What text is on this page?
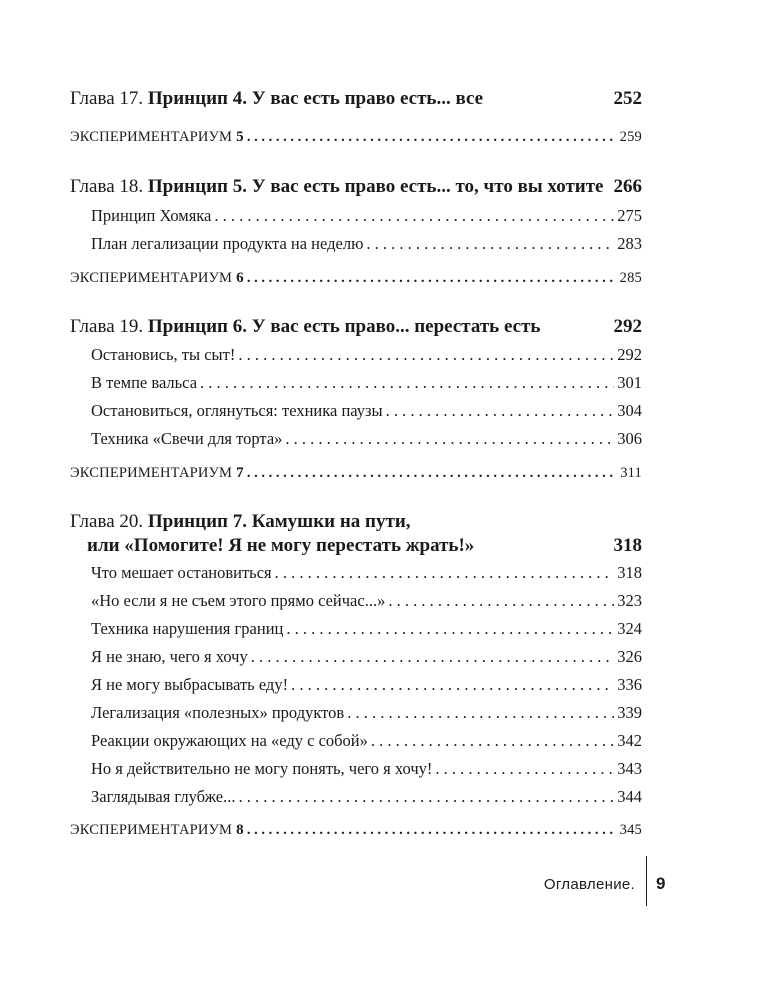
Глава 17. Принцип 4. У вас есть право есть... все	252
ЭКСПЕРИМЕНТАРИУМ 5 . . .	259
Глава 18. Принцип 5. У вас есть право есть... то, что вы хотите 266
Принцип Хомяка . . .	275
План легализации продукта на неделю . . .	283
ЭКСПЕРИМЕНТАРИУМ 6 . . .	285
Глава 19. Принцип 6. У вас есть право... перестать есть	292
Остановись, ты сыт! . . .	292
В темпе вальса . . .	301
Остановиться, оглянуться: техника паузы . . .	304
Техника «Свечи для торта» . . .	306
ЭКСПЕРИМЕНТАРИУМ 7 . . .	311
Глава 20. Принцип 7. Камушки на пути,
или «Помогите! Я не могу перестать жрать!»	318
Что мешает остановиться . . .	318
«Но если я не съем этого прямо сейчас...» . . .	323
Техника нарушения границ . . .	324
Я не знаю, чего я хочу . . .	326
Я не могу выбрасывать еду! . . .	336
Легализация «полезных» продуктов . . .	339
Реакции окружающих на «еду с собой» . . .	342
Но я действительно не могу понять, чего я хочу! . . .	343
Заглядывая глубже... . . .	344
ЭКСПЕРИМЕНТАРИУМ 8 . . .	345
Оглавление. 9
